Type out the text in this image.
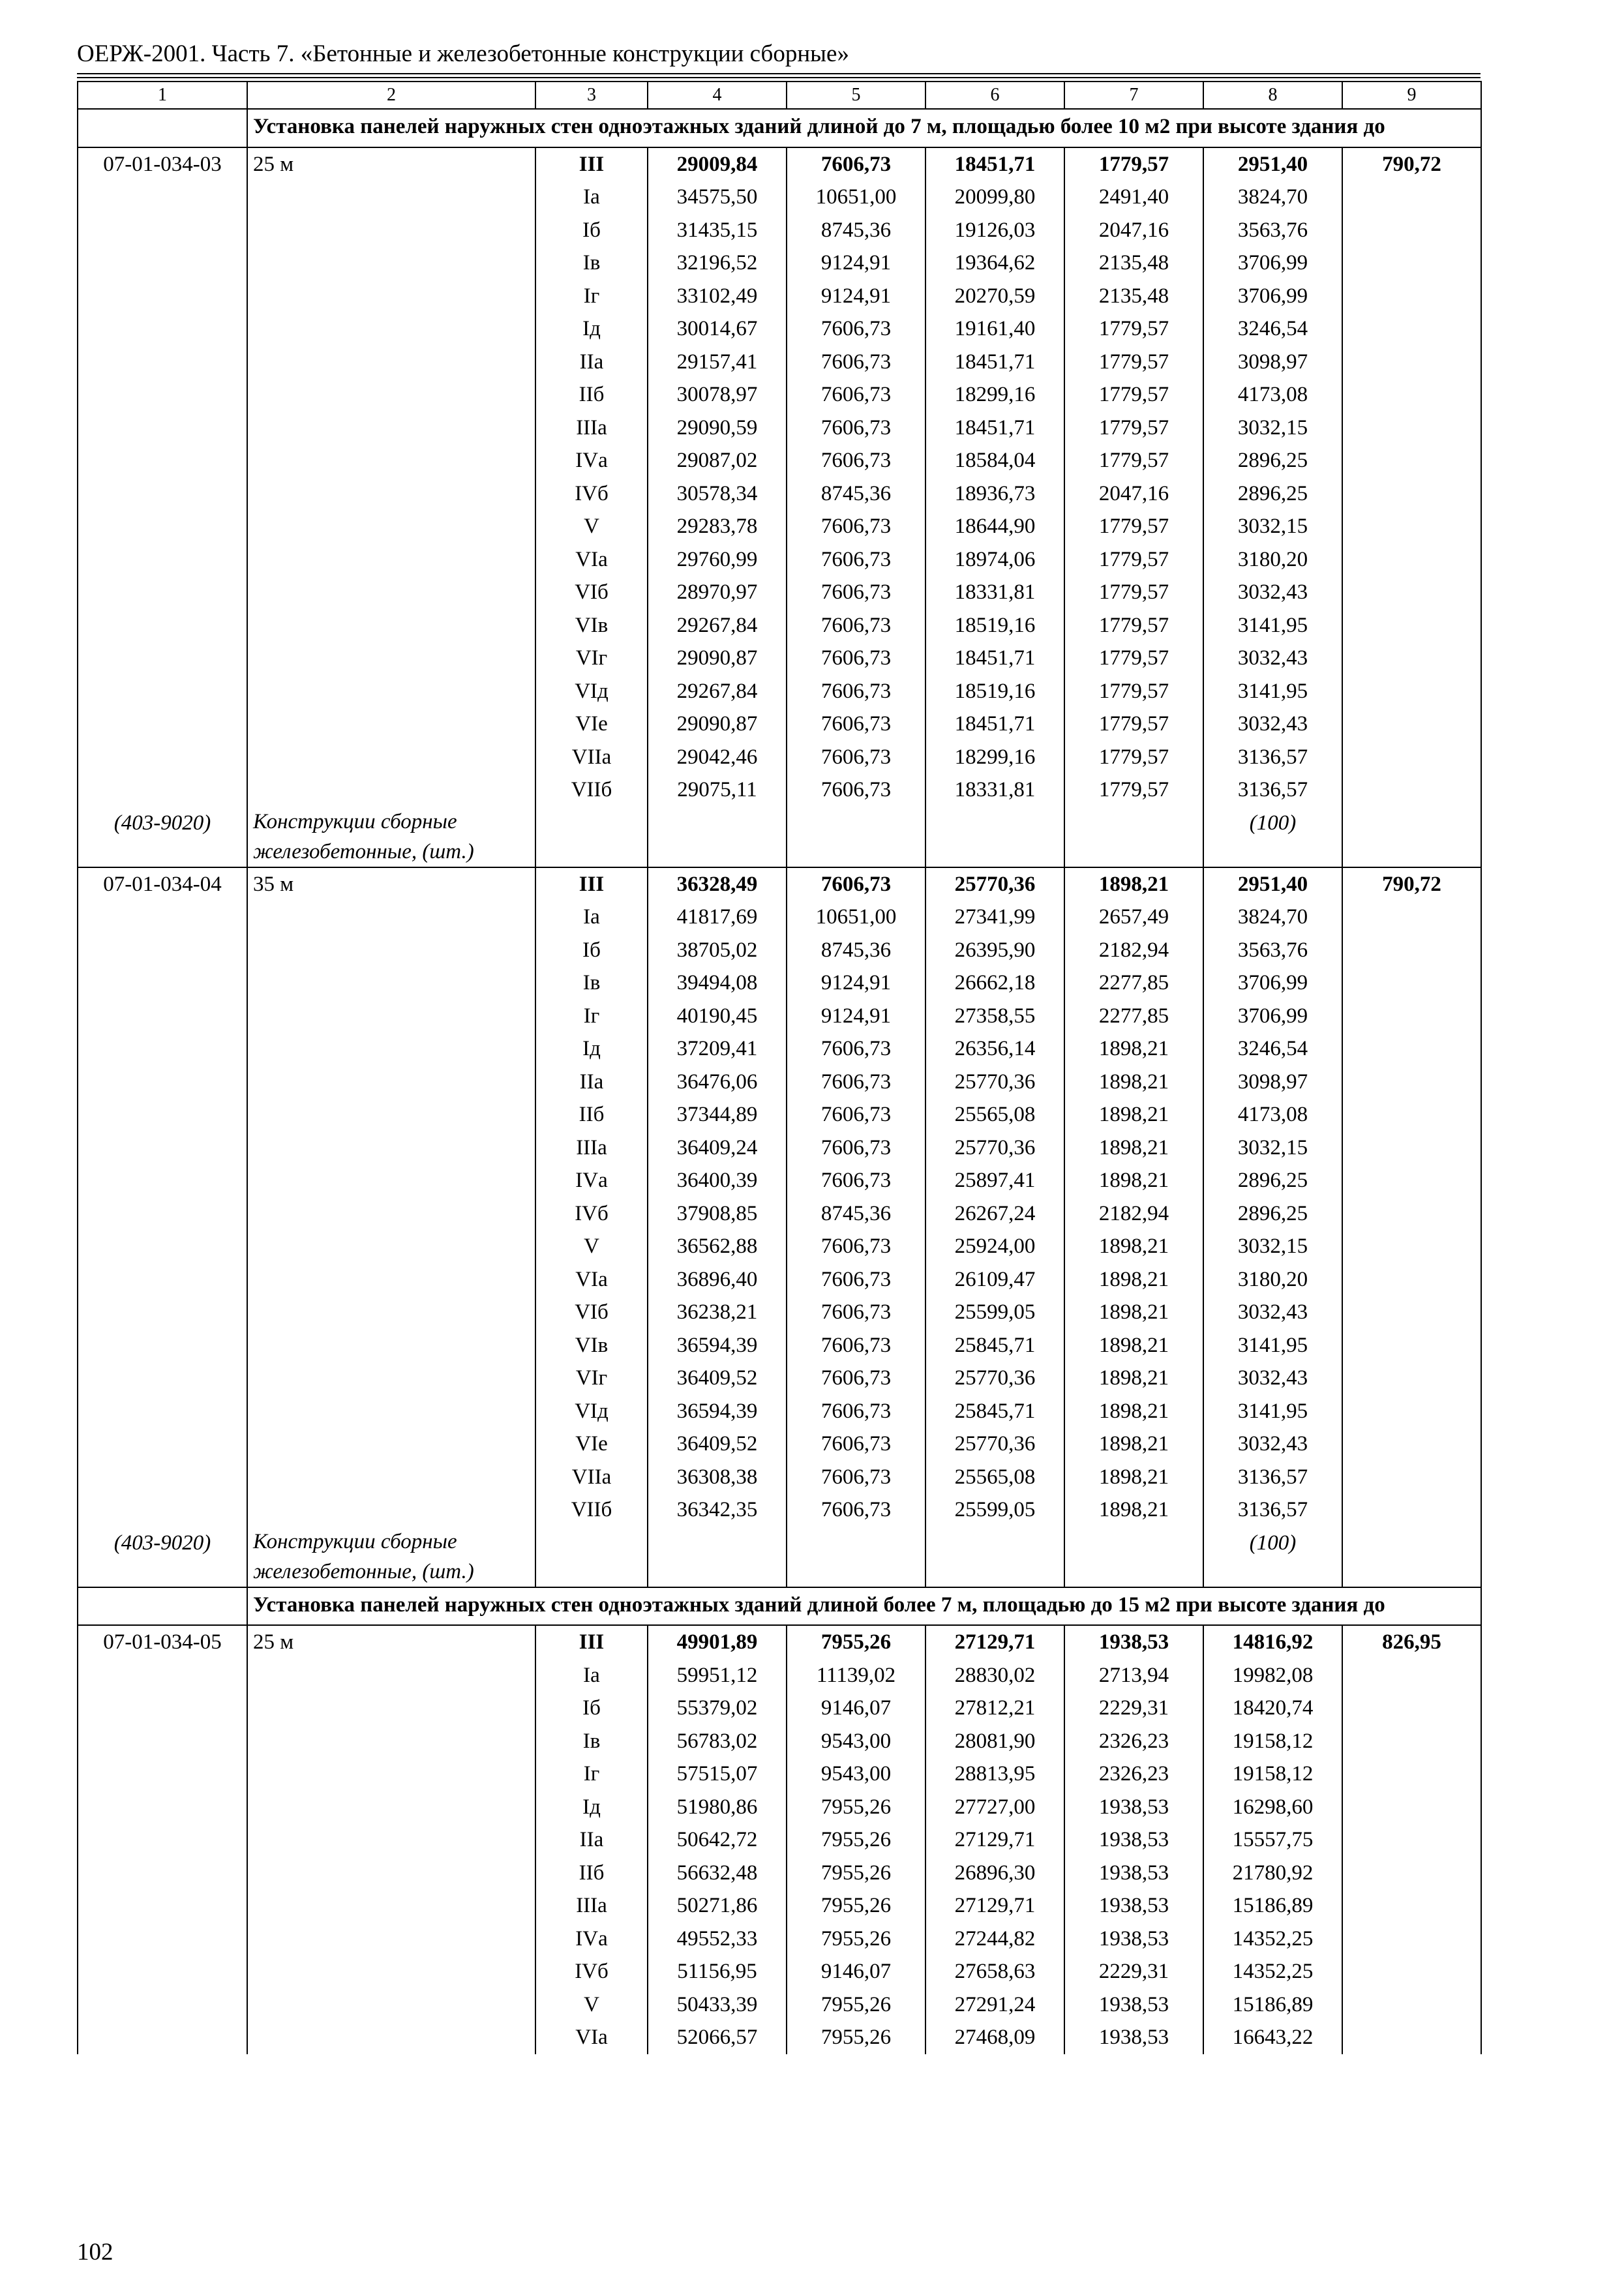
ОЕРЖ-2001. Часть 7. «Бетонные и железобетонные конструкции сборные»
1	2	3	4	5	6	7	8	9
	Установка панелей наружных стен одноэтажных зданий длиной до 7 м, площадью более 10 м2 при высоте здания до							
07-01-034-03	25 м	III	29009,84	7606,73	18451,71	1779,57	2951,40	790,72
		Iа	34575,50	10651,00	20099,80	2491,40	3824,70	
		Iб	31435,15	8745,36	19126,03	2047,16	3563,76	
		Iв	32196,52	9124,91	19364,62	2135,48	3706,99	
		Iг	33102,49	9124,91	20270,59	2135,48	3706,99	
		Iд	30014,67	7606,73	19161,40	1779,57	3246,54	
		IIа	29157,41	7606,73	18451,71	1779,57	3098,97	
		IIб	30078,97	7606,73	18299,16	1779,57	4173,08	
		IIIа	29090,59	7606,73	18451,71	1779,57	3032,15	
		IVа	29087,02	7606,73	18584,04	1779,57	2896,25	
		IVб	30578,34	8745,36	18936,73	2047,16	2896,25	
		V	29283,78	7606,73	18644,90	1779,57	3032,15	
		VIа	29760,99	7606,73	18974,06	1779,57	3180,20	
		VIб	28970,97	7606,73	18331,81	1779,57	3032,43	
		VIв	29267,84	7606,73	18519,16	1779,57	3141,95	
		VIг	29090,87	7606,73	18451,71	1779,57	3032,43	
		VIд	29267,84	7606,73	18519,16	1779,57	3141,95	
		VIе	29090,87	7606,73	18451,71	1779,57	3032,43	
		VIIа	29042,46	7606,73	18299,16	1779,57	3136,57	
		VIIб	29075,11	7606,73	18331,81	1779,57	3136,57	
(403-9020)	Конструкции сборные железобетонные, (шт.)						(100)	
07-01-034-04	35 м	III	36328,49	7606,73	25770,36	1898,21	2951,40	790,72
		Iа	41817,69	10651,00	27341,99	2657,49	3824,70	
		Iб	38705,02	8745,36	26395,90	2182,94	3563,76	
		Iв	39494,08	9124,91	26662,18	2277,85	3706,99	
		Iг	40190,45	9124,91	27358,55	2277,85	3706,99	
		Iд	37209,41	7606,73	26356,14	1898,21	3246,54	
		IIа	36476,06	7606,73	25770,36	1898,21	3098,97	
		IIб	37344,89	7606,73	25565,08	1898,21	4173,08	
		IIIа	36409,24	7606,73	25770,36	1898,21	3032,15	
		IVа	36400,39	7606,73	25897,41	1898,21	2896,25	
		IVб	37908,85	8745,36	26267,24	2182,94	2896,25	
		V	36562,88	7606,73	25924,00	1898,21	3032,15	
		VIа	36896,40	7606,73	26109,47	1898,21	3180,20	
		VIб	36238,21	7606,73	25599,05	1898,21	3032,43	
		VIв	36594,39	7606,73	25845,71	1898,21	3141,95	
		VIг	36409,52	7606,73	25770,36	1898,21	3032,43	
		VIд	36594,39	7606,73	25845,71	1898,21	3141,95	
		VIе	36409,52	7606,73	25770,36	1898,21	3032,43	
		VIIа	36308,38	7606,73	25565,08	1898,21	3136,57	
		VIIб	36342,35	7606,73	25599,05	1898,21	3136,57	
(403-9020)	Конструкции сборные железобетонные, (шт.)						(100)	
	Установка панелей наружных стен одноэтажных зданий длиной более 7 м, площадью до 15 м2 при высоте здания до							
07-01-034-05	25 м	III	49901,89	7955,26	27129,71	1938,53	14816,92	826,95
		Iа	59951,12	11139,02	28830,02	2713,94	19982,08	
		Iб	55379,02	9146,07	27812,21	2229,31	18420,74	
		Iв	56783,02	9543,00	28081,90	2326,23	19158,12	
		Iг	57515,07	9543,00	28813,95	2326,23	19158,12	
		Iд	51980,86	7955,26	27727,00	1938,53	16298,60	
		IIа	50642,72	7955,26	27129,71	1938,53	15557,75	
		IIб	56632,48	7955,26	26896,30	1938,53	21780,92	
		IIIа	50271,86	7955,26	27129,71	1938,53	15186,89	
		IVа	49552,33	7955,26	27244,82	1938,53	14352,25	
		IVб	51156,95	9146,07	27658,63	2229,31	14352,25	
		V	50433,39	7955,26	27291,24	1938,53	15186,89	
		VIа	52066,57	7955,26	27468,09	1938,53	16643,22	
102
